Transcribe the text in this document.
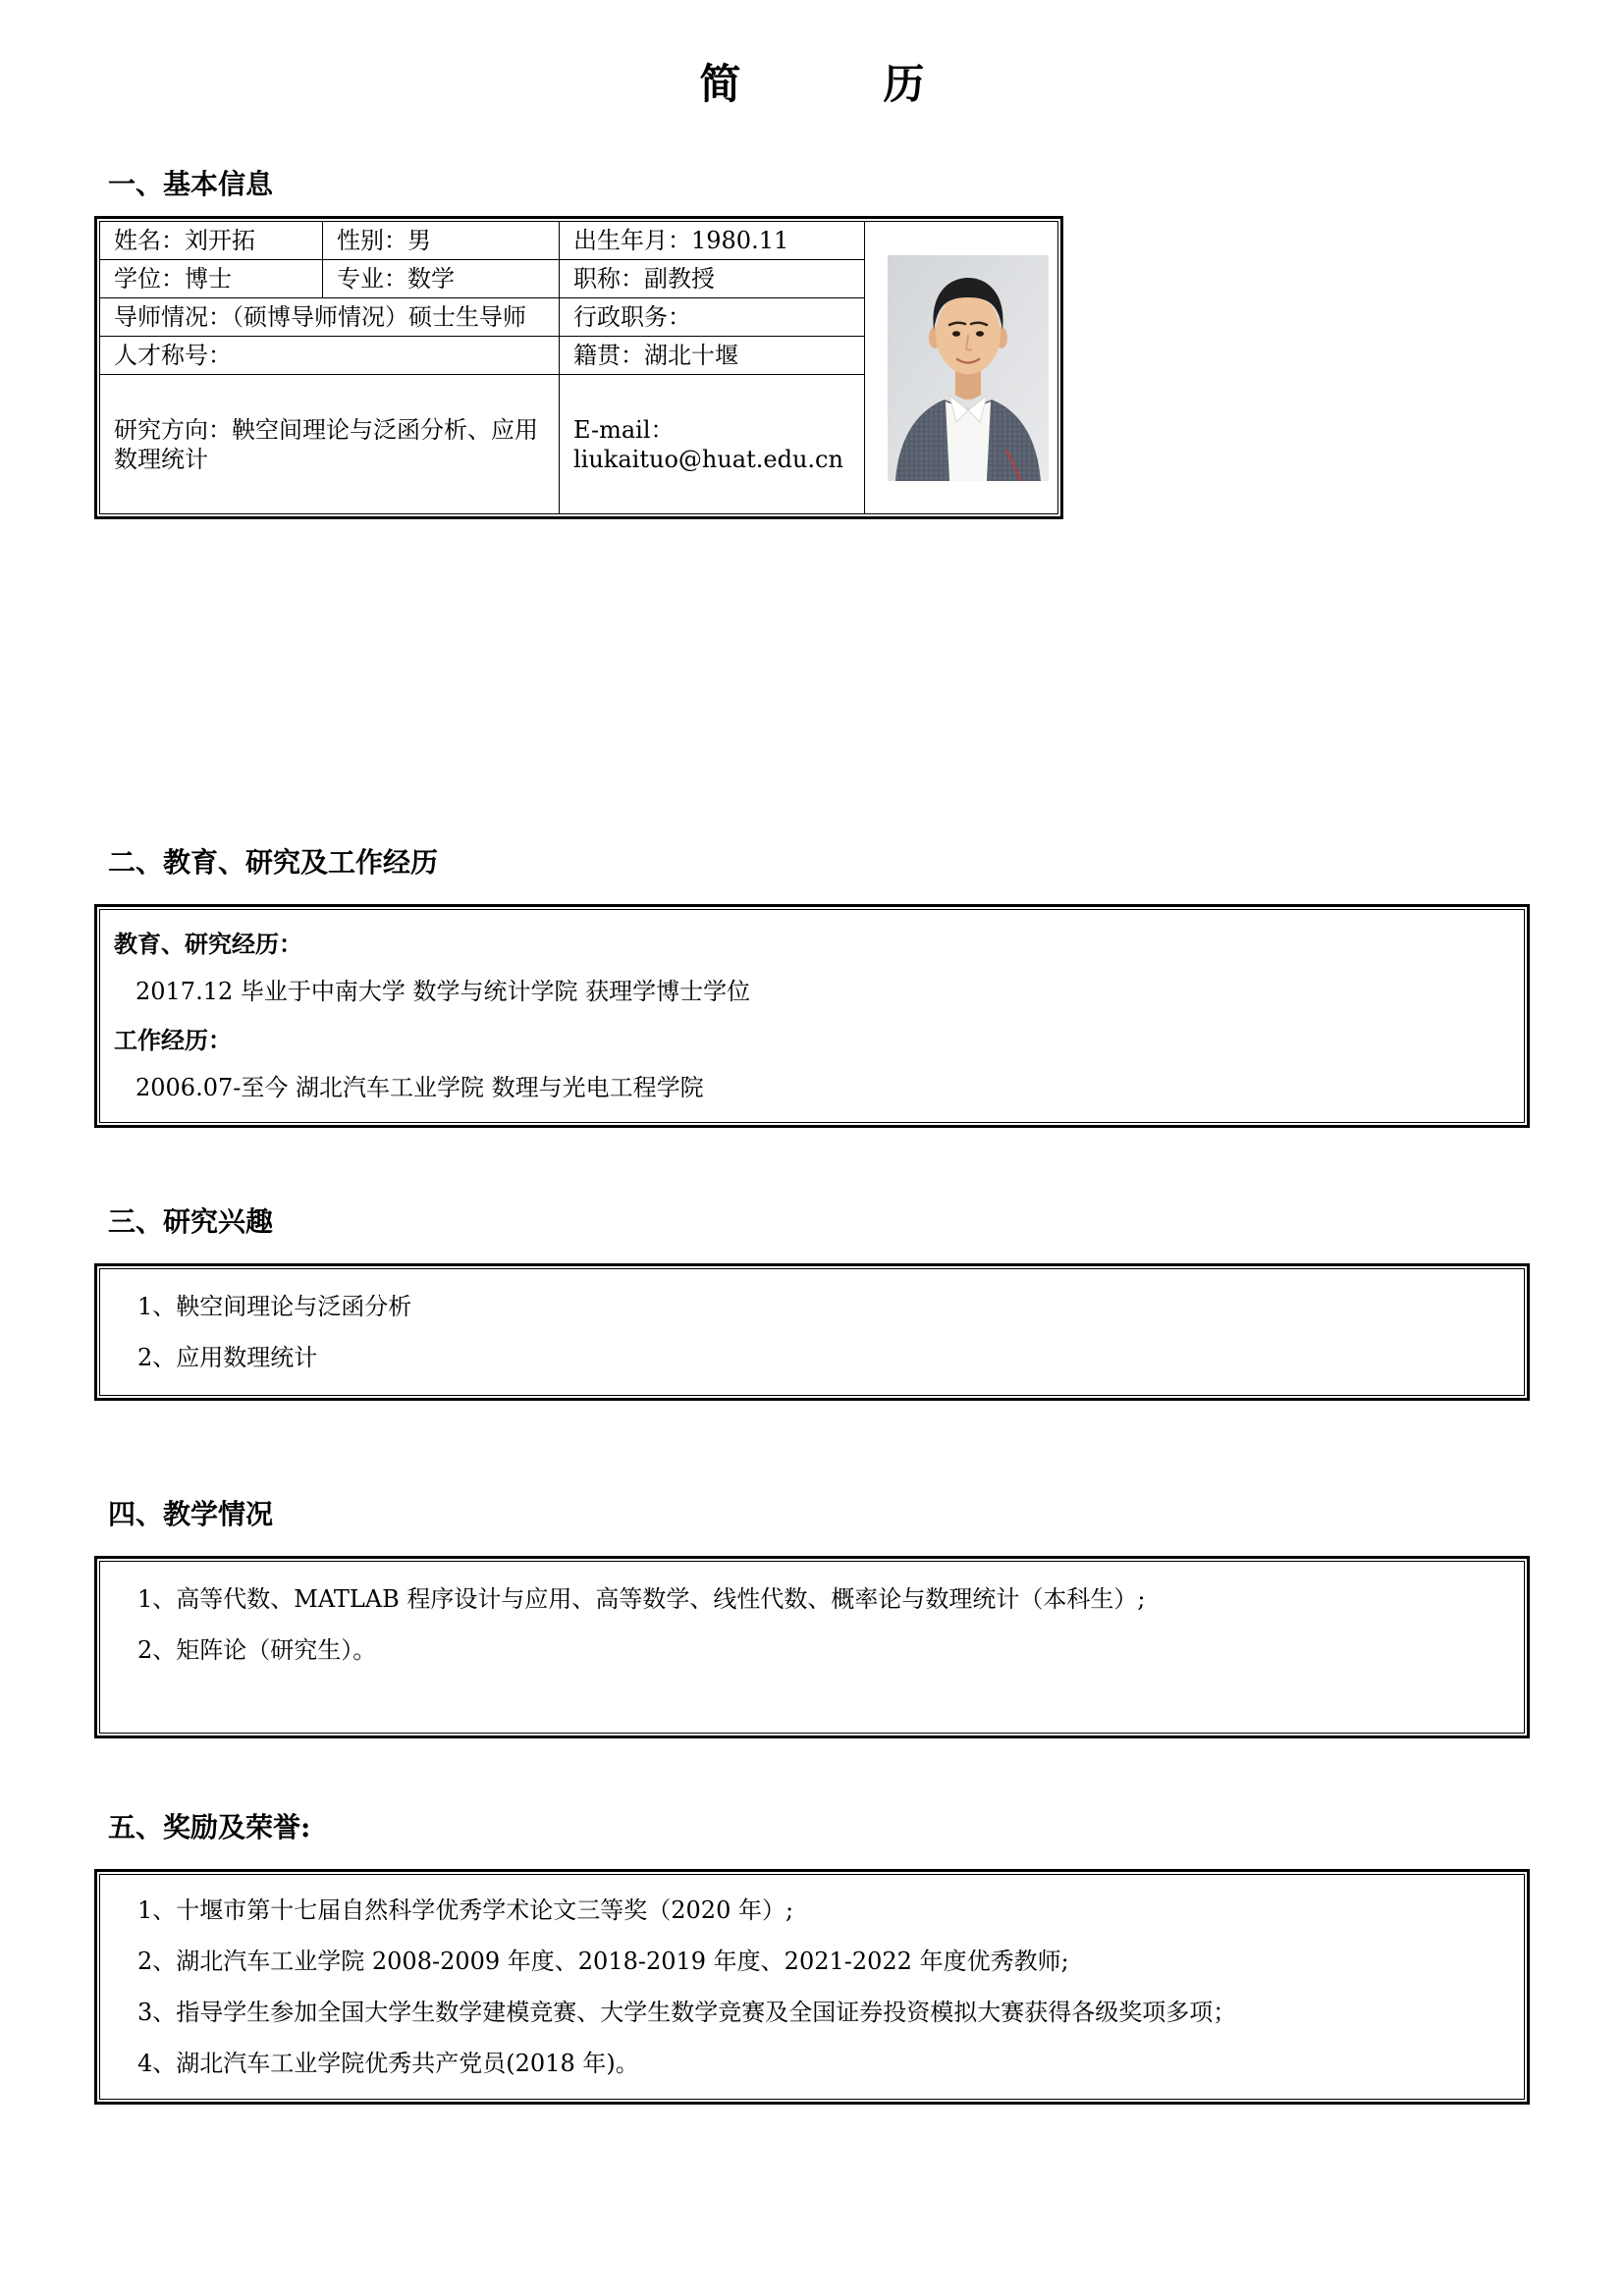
简历
一、基本信息
姓名：刘开拓	性别：男	出生年月：1980.11	

学位：博士	专业：数学	职称：副教授	
导师情况：（硕博导师情况）硕士生导师		行政职务：	
人才称号：		籍贯：湖北十堰	
研究方向：鞅空间理论与泛函分析、应用数理统计		E-mail：liukaituo@huat.edu.cn	
二、教育、研究及工作经历

教育、研究经历：

2017.12 毕业于中南大学 数学与统计学院 获理学博士学位

工作经历：

2006.07-至今 湖北汽车工业学院 数理与光电工程学院

三、研究兴趣

1、鞅空间理论与泛函分析

2、应用数理统计

四、教学情况

1、高等代数、MATLAB 程序设计与应用、高等数学、线性代数、概率论与数理统计（本科生）;

2、矩阵论（研究生）。

五、奖励及荣誉:

1、十堰市第十七届自然科学优秀学术论文三等奖（2020 年）;

2、湖北汽车工业学院 2008-2009 年度、2018-2019 年度、2021-2022 年度优秀教师;

3、指导学生参加全国大学生数学建模竞赛、大学生数学竞赛及全国证券投资模拟大赛获得各级奖项多项；

4、湖北汽车工业学院优秀共产党员(2018 年)。
